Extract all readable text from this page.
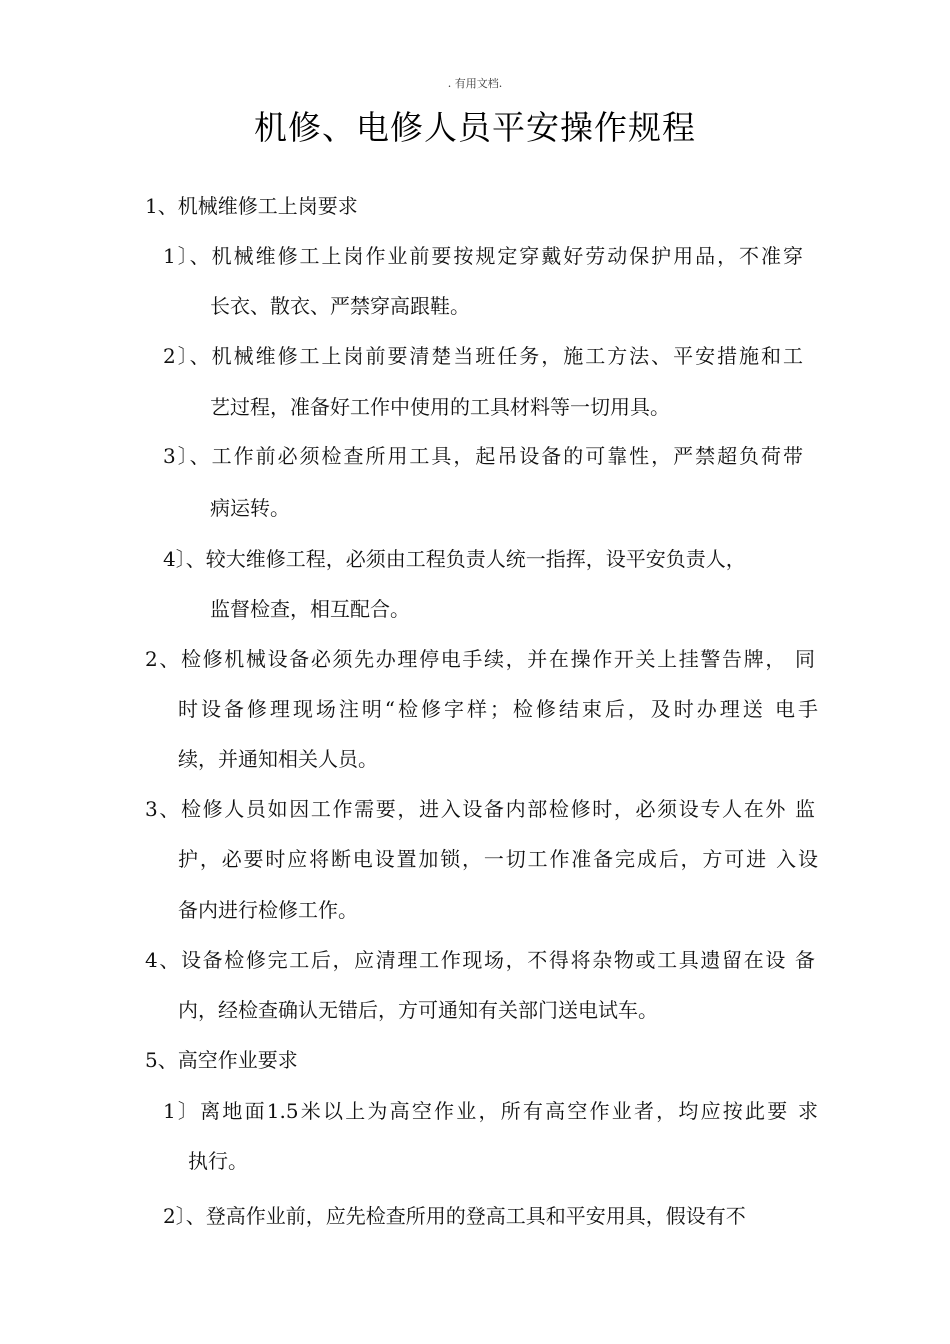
. 有用文档.
机修、电修人员平安操作规程
1、机械维修工上岗要求
1〕、机械维修工上岗作业前要按规定穿戴好劳动保护用品，不准穿
长衣、散衣、严禁穿高跟鞋。
2〕、机械维修工上岗前要清楚当班任务，施工方法、平安措施和工
艺过程，准备好工作中使用的工具材料等一切用具。
3〕、工作前必须检查所用工具，起吊设备的可靠性，严禁超负荷带
病运转。
4〕、较大维修工程，必须由工程负责人统一指挥，设平安负责人，
监督检查，相互配合。
2、检修机械设备必须先办理停电手续，并在操作开关上挂警告牌， 同
时设备修理现场注明“检修字样；检修结束后，及时办理送 电手
续，并通知相关人员。
3、检修人员如因工作需要，进入设备内部检修时，必须设专人在外 监
护，必要时应将断电设置加锁，一切工作准备完成后，方可进 入设
备内进行检修工作。
4、设备检修完工后，应清理工作现场，不得将杂物或工具遗留在设 备
内，经检查确认无错后，方可通知有关部门送电试车。
5、高空作业要求
1〕离地面1.5米以上为高空作业，所有高空作业者，均应按此要 求
执行。
2〕、登高作业前，应先检查所用的登高工具和平安用具，假设有不
